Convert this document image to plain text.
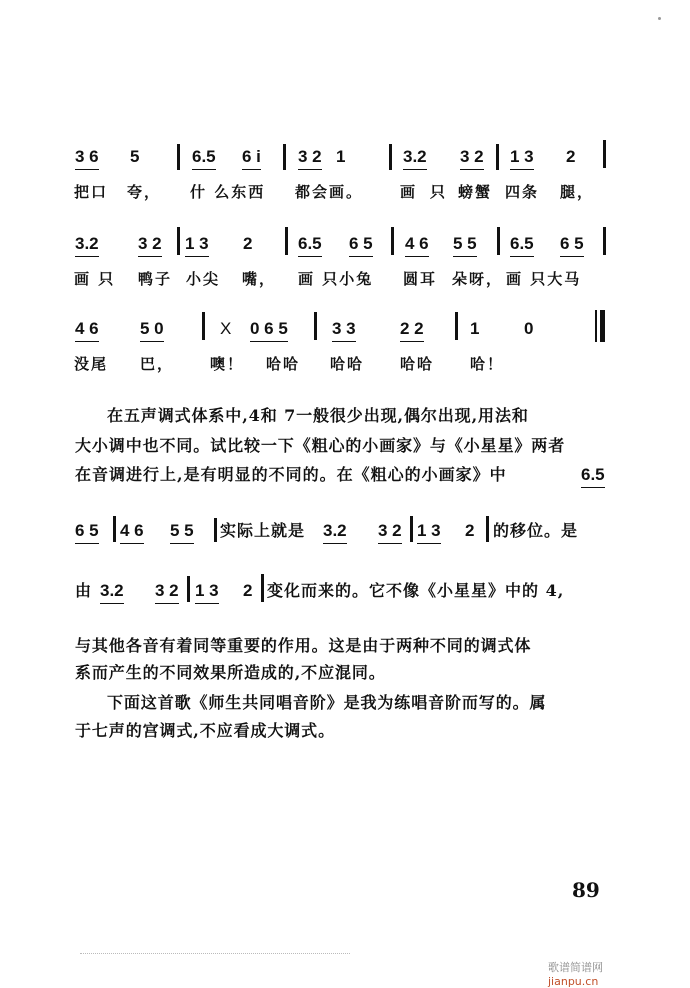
3 6 5	6.5 6 i 3 2 1	3.2 3 2 1 3 2
把口 夸， 什 么东西 都会画。 画 只 螃蟹 四条 腿，
3.2 3 2 1 3 2	6.5 6 5 4 6 5 5 6.5 6 5
画 只 鸭子 小尖 嘴， 画 只小兔 圆耳 朵呀， 画 只大马
4 6 5 0	X 0 6 5	3 3	2 2	1	0
没尾 巴， 噢！ 哈哈 哈哈 哈哈 哈！
在五声调式体系中,4和 7一般很少出现,偶尔出现,用法和
大小调中也不同。试比较一下《粗心的小画家》与《小星星》两者
在音调进行上,是有明显的不同的。在《粗心的小画家》中	6.5
6 5 4 6 5 5 实际上就是 3.2 3 2 1 3 2 的移位。是
由 3.2 3 2 1 3 2 变化而来的。它不像《小星星》中的 4,
与其他各音有着同等重要的作用。这是由于两种不同的调式体
系而产生的不同效果所造成的,不应混同。
下面这首歌《师生共同唱音阶》是我为练唱音阶而写的。属
于七声的宫调式,不应看成大调式。
89

歌谱简谱网
jianpu.cn
